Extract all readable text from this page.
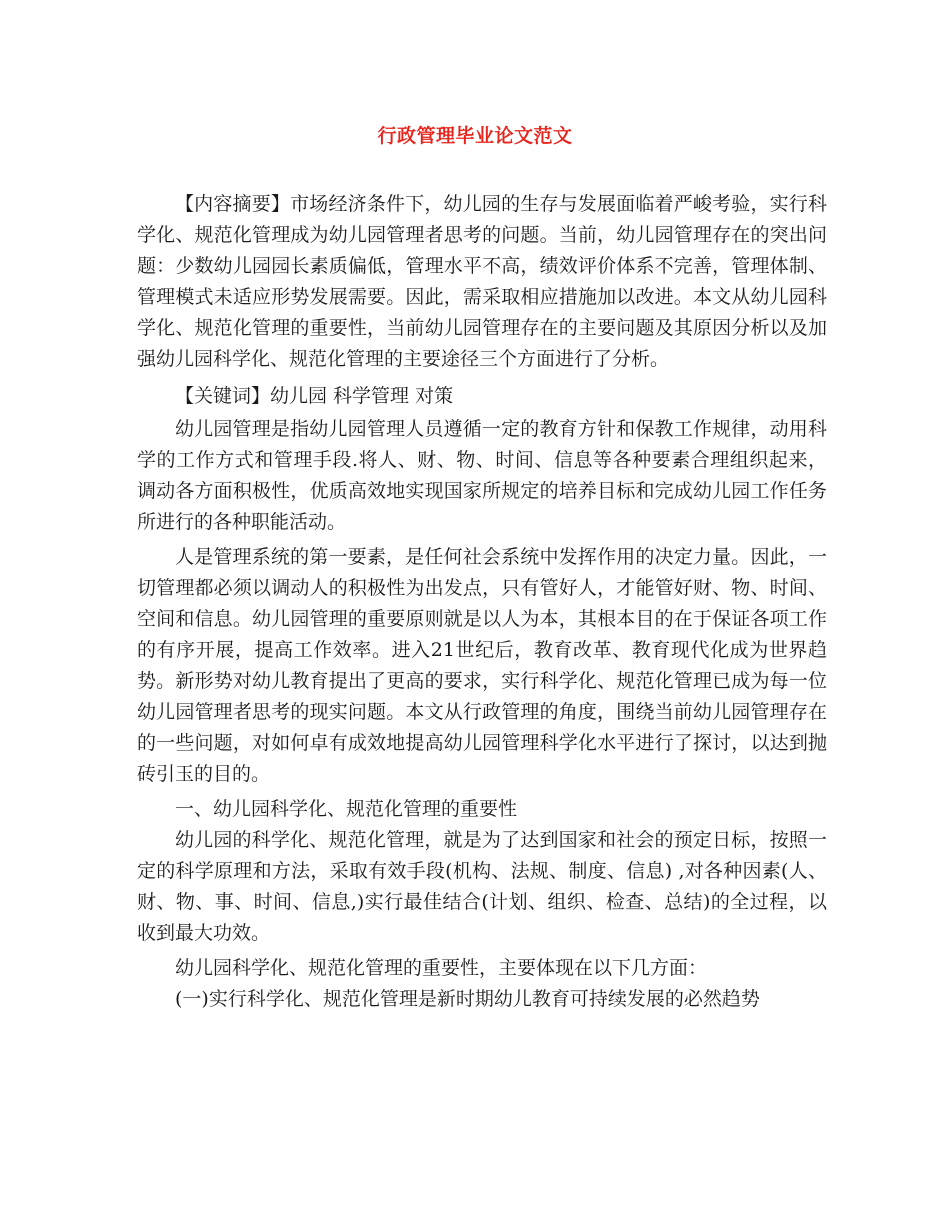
行政管理毕业论文范文

【内容摘要】市场经济条件下，幼儿园的生存与发展面临着严峻考验，实行科学化、规范化管理成为幼儿园管理者思考的问题。当前，幼儿园管理存在的突出问题：少数幼儿园园长素质偏低，管理水平不高，绩效评价体系不完善，管理体制、管理模式未适应形势发展需要。因此，需采取相应措施加以改进。本文从幼儿园科学化、规范化管理的重要性，当前幼儿园管理存在的主要问题及其原因分析以及加强幼儿园科学化、规范化管理的主要途径三个方面进行了分析。

【关键词】幼儿园 科学管理 对策

幼儿园管理是指幼儿园管理人员遵循一定的教育方针和保教工作规律，动用科学的工作方式和管理手段.将人、财、物、时间、信息等各种要素合理组织起来，调动各方面积极性，优质高效地实现国家所规定的培养目标和完成幼儿园工作任务所进行的各种职能活动。

人是管理系统的第一要素，是任何社会系统中发挥作用的决定力量。因此，一切管理都必须以调动人的积极性为出发点，只有管好人，才能管好财、物、时间、空间和信息。幼儿园管理的重要原则就是以人为本，其根本目的在于保证各项工作的有序开展，提高工作效率。进入21世纪后，教育改革、教育现代化成为世界趋势。新形势对幼儿教育提出了更高的要求，实行科学化、规范化管理已成为每一位幼儿园管理者思考的现实问题。本文从行政管理的角度，围绕当前幼儿园管理存在的一些问题，对如何卓有成效地提高幼儿园管理科学化水平进行了探讨，以达到抛砖引玉的目的。

一、幼儿园科学化、规范化管理的重要性

幼儿园的科学化、规范化管理，就是为了达到国家和社会的预定日标，按照一定的科学原理和方法，采取有效手段(机构、法规、制度、信息) ,对各种因素(人、财、物、事、时间、信息,)实行最佳结合(计划、组织、检查、总结)的全过程，以收到最大功效。

幼儿园科学化、规范化管理的重要性，主要体现在以下几方面：

(一)实行科学化、规范化管理是新时期幼儿教育可持续发展的必然趋势
